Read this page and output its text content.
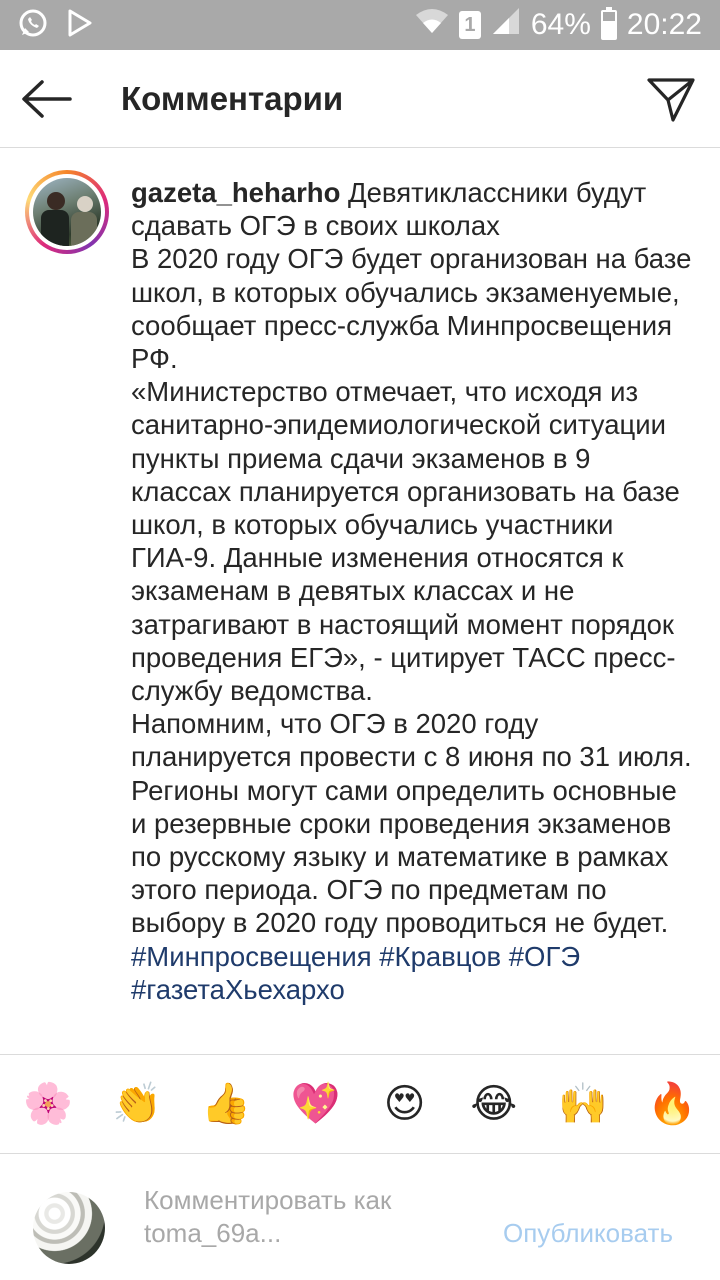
1 64% 20:22
Комментарии

gazeta_heharho Девятиклассники будут сдавать ОГЭ в своих школах
В 2020 году ОГЭ будет организован на базе школ, в которых обучались экзаменуемые, сообщает пресс-служба Минпросвещения РФ.
«Министерство отмечает, что исходя из санитарно-эпидемиологической ситуации пункты приема сдачи экзаменов в 9 классах планируется организовать на базе школ, в которых обучались участники ГИА-9. Данные изменения относятся к экзаменам в девятых классах и не затрагивают в настоящий момент порядок проведения ЕГЭ», - цитирует ТАСС пресс-службу ведомства.
Напомним, что ОГЭ в 2020 году планируется провести с 8 июня по 31 июля. Регионы могут сами определить основные и резервные сроки проведения экзаменов по русскому языку и математике в рамках этого периода. ОГЭ по предметам по выбору в 2020 году проводиться не будет.
#Минпросвещения #Кравцов #ОГЭ #газетаХьехархо

🌸 👏 👍 💖 😍 😂 🙌 🔥
Комментировать как toma_69a...	Опубликовать
